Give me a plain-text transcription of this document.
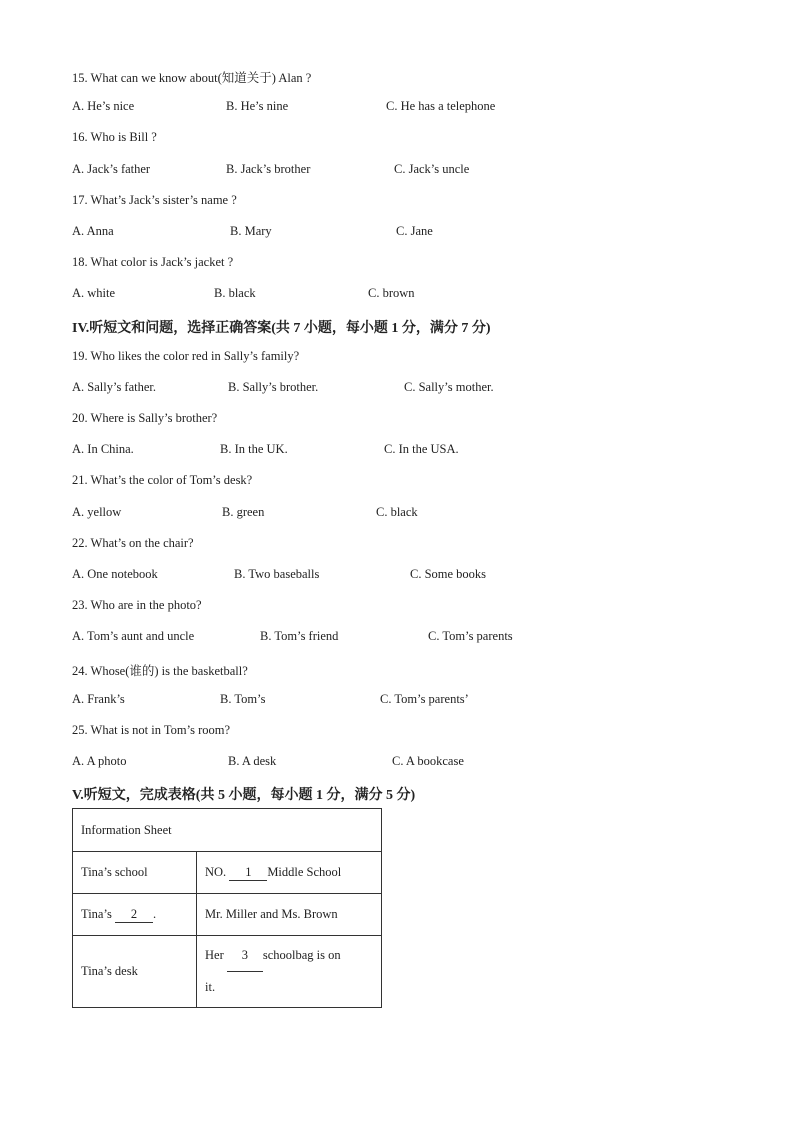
15. What can we know about(知道关于) Alan ?
A. He’s nice	B. He’s nine	C. He has a telephone
16. Who is Bill ?
A. Jack’s father	B. Jack’s brother	C. Jack’s uncle
17. What’s Jack’s sister’s name ?
A. Anna	B. Mary	C. Jane
18. What color is Jack’s jacket ?
A. white	B. black	C. brown
IV.听短文和问题，选择正确答案(共 7 小题，每小题 1 分，满分 7 分)
19. Who likes the color red in Sally’s family?
A. Sally’s father.	B. Sally’s brother.	C. Sally’s mother.
20. Where is Sally’s brother?
A. In China.	B. In the UK.	C. In the USA.
21. What’s the color of Tom’s desk?
A. yellow	B. green	C. black
22. What’s on the chair?
A. One notebook	B. Two baseballs	C. Some books
23. Who are in the photo?
A. Tom’s aunt and uncle	B. Tom’s friend	C. Tom’s parents
24. Whose(谁的) is the basketball?
A. Frank’s	B. Tom’s	C. Tom’s parents’
25. What is not in Tom’s room?
A. A photo	B. A desk	C. A bookcase
V.听短文，完成表格(共 5 小题，每小题 1 分，满分 5 分)
Information Sheet	
Tina’s school	NO. 1 Middle School
Tina’s 2 .	Mr. Miller and Ms. Brown
Tina’s desk	Her 3 schoolbag is on
it.
